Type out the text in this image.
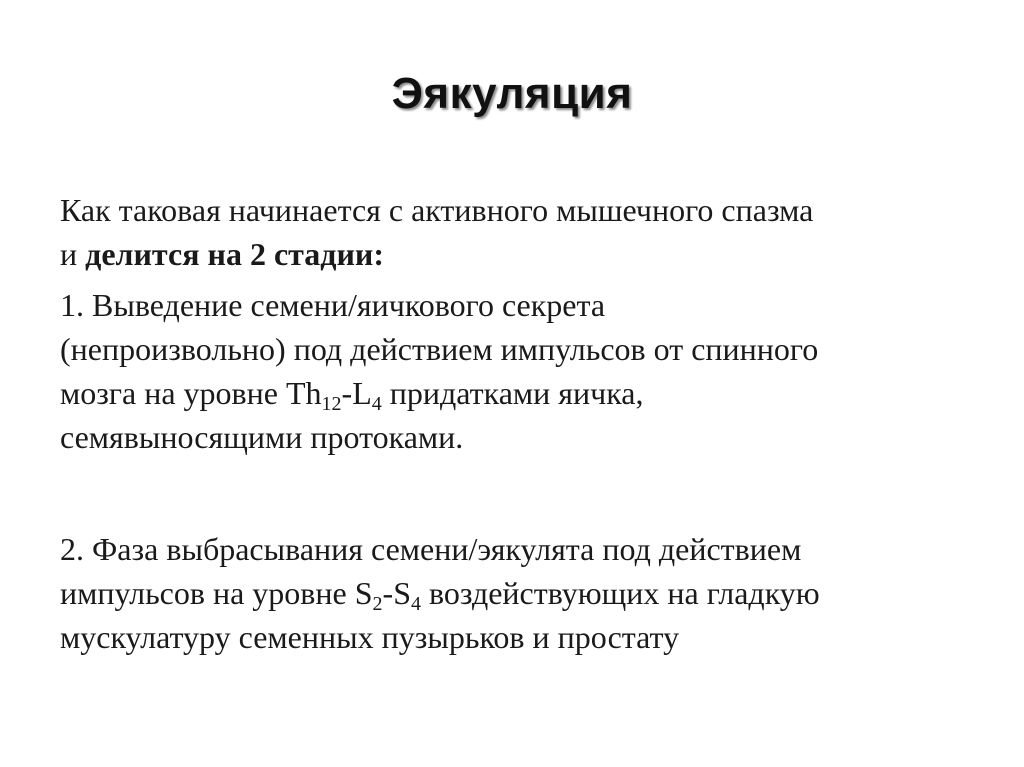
Эякуляция
Как таковая начинается с активного мышечного спазма
и делится на 2 стадии:
1. Выведение семени/яичкового секрета
(непроизвольно) под действием импульсов от спинного
мозга на уровне $Th_{12}-L_4$ придатками яичка,
семявыносящими протоками.
2. Фаза выбрасывания семени/эякулята под действием
импульсов на уровне $S_2-S_4$ воздействующих на гладкую
мускулатуру семенных пузырьков и простату
